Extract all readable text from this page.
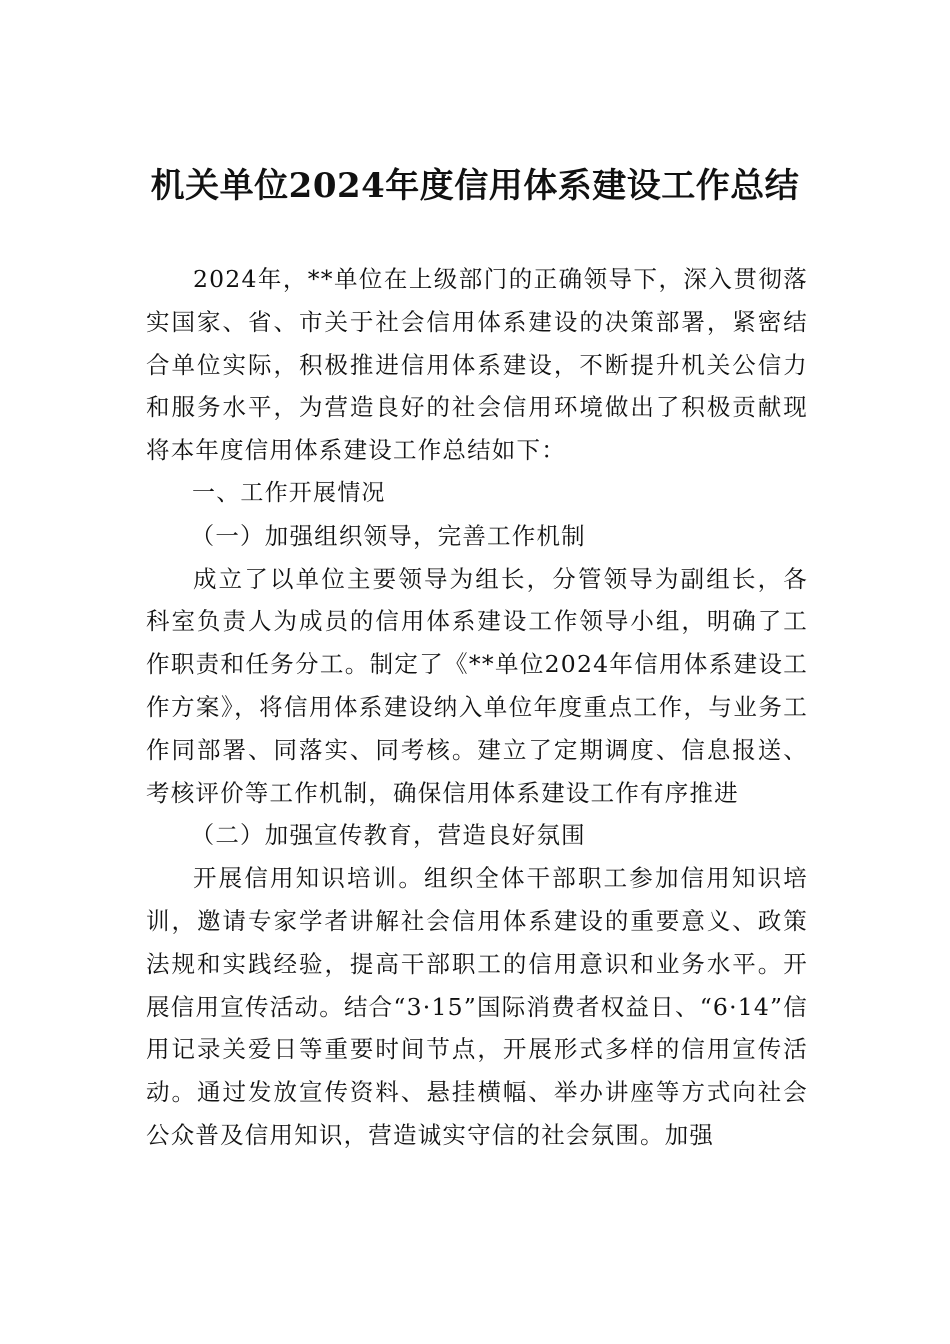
机关单位2024年度信用体系建设工作总结

2024年，**单位在上级部门的正确领导下，深入贯彻落实国家、省、市关于社会信用体系建设的决策部署，紧密结合单位实际，积极推进信用体系建设，不断提升机关公信力和服务水平，为营造良好的社会信用环境做出了积极贡献现将本年度信用体系建设工作总结如下：

一、工作开展情况

（一）加强组织领导，完善工作机制

成立了以单位主要领导为组长，分管领导为副组长，各科室负责人为成员的信用体系建设工作领导小组，明确了工作职责和任务分工。制定了《**单位2024年信用体系建设工作方案》，将信用体系建设纳入单位年度重点工作，与业务工作同部署、同落实、同考核。建立了定期调度、信息报送、考核评价等工作机制，确保信用体系建设工作有序推进

（二）加强宣传教育，营造良好氛围

开展信用知识培训。组织全体干部职工参加信用知识培训，邀请专家学者讲解社会信用体系建设的重要意义、政策法规和实践经验，提高干部职工的信用意识和业务水平。开展信用宣传活动。结合“3·15”国际消费者权益日、“6·14”信用记录关爱日等重要时间节点，开展形式多样的信用宣传活动。通过发放宣传资料、悬挂横幅、举办讲座等方式向社会公众普及信用知识，营造诚实守信的社会氛围。加强
